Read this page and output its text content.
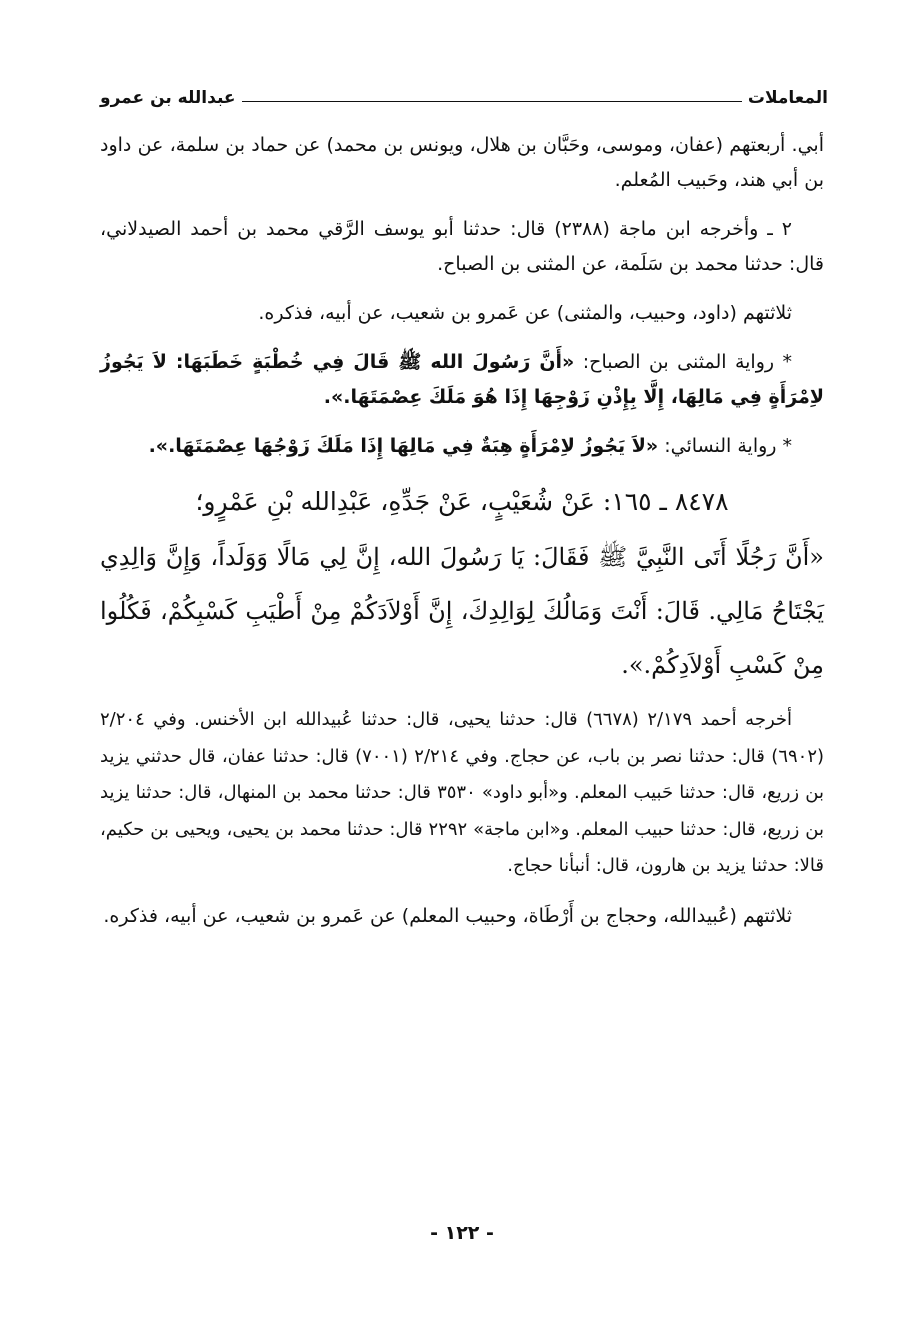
المعاملات
عبدالله بن عمرو

أبي. أربعتهم (عفان، وموسى، وحَبَّان بن هلال، ويونس بن محمد) عن حماد بن سلمة، عن داود بن أبي هند، وحَبيب المُعلم.

٢ ـ وأخرجه ابن ماجة (٢٣٨٨) قال: حدثنا أبو يوسف الرَّقي محمد بن أحمد الصيدلاني، قال: حدثنا محمد بن سَلَمة، عن المثنى بن الصباح.

ثلاثتهم (داود، وحبيب، والمثنى) عن عَمرو بن شعيب، عن أبيه، فذكره.

* رواية المثنى بن الصباح: «أَنَّ رَسُولَ الله ﷺ قَالَ فِي خُطْبَةٍ خَطَبَهَا: لاَ يَجُوزُ لاِمْرَأَةٍ فِي مَالِهَا، إِلَّا بِإِذْنِ زَوْجِهَا إِذَا هُوَ مَلَكَ عِصْمَتَهَا.».

* رواية النسائي: «لاَ يَجُوزُ لاِمْرَأَةٍ هِبَةٌ فِي مَالِهَا إِذَا مَلَكَ زَوْجُهَا عِصْمَتَهَا.».

٨٤٧٨ ـ ١٦٥: عَنْ شُعَيْبٍ، عَنْ جَدِّهِ، عَبْدِالله بْنِ عَمْرٍو؛
«أَنَّ رَجُلًا أَتَى النَّبِيَّ ﷺ فَقَالَ: يَا رَسُولَ الله، إِنَّ لِي مَالًا وَوَلَداً، وَإِنَّ وَالِدِي يَجْتَاحُ مَالِي. قَالَ: أَنْتَ وَمَالُكَ لِوَالِدِكَ، إِنَّ أَوْلاَدَكُمْ مِنْ أَطْيَبِ كَسْبِكُمْ، فَكُلُوا مِنْ كَسْبِ أَوْلاَدِكُمْ.».

أخرجه أحمد ٢/١٧٩ (٦٦٧٨) قال: حدثنا يحيى، قال: حدثنا عُبيدالله ابن الأخنس. وفي ٢/٢٠٤ (٦٩٠٢) قال: حدثنا نصر بن باب، عن حجاج. وفي ٢/٢١٤ (٧٠٠١) قال: حدثنا عفان، قال حدثني يزيد بن زريع، قال: حدثنا حَبيب المعلم. و«أبو داود» ٣٥٣٠ قال: حدثنا محمد بن المنهال، قال: حدثنا يزيد بن زريع، قال: حدثنا حبيب المعلم. و«ابن ماجة» ٢٢٩٢ قال: حدثنا محمد بن يحيى، ويحيى بن حكيم، قالا: حدثنا يزيد بن هارون، قال: أنبأنا حجاج.

ثلاثتهم (عُبيدالله، وحجاج بن أَرْطَاة، وحبيب المعلم) عن عَمرو بن شعيب، عن أبيه، فذكره.

- ١٢٢ -
